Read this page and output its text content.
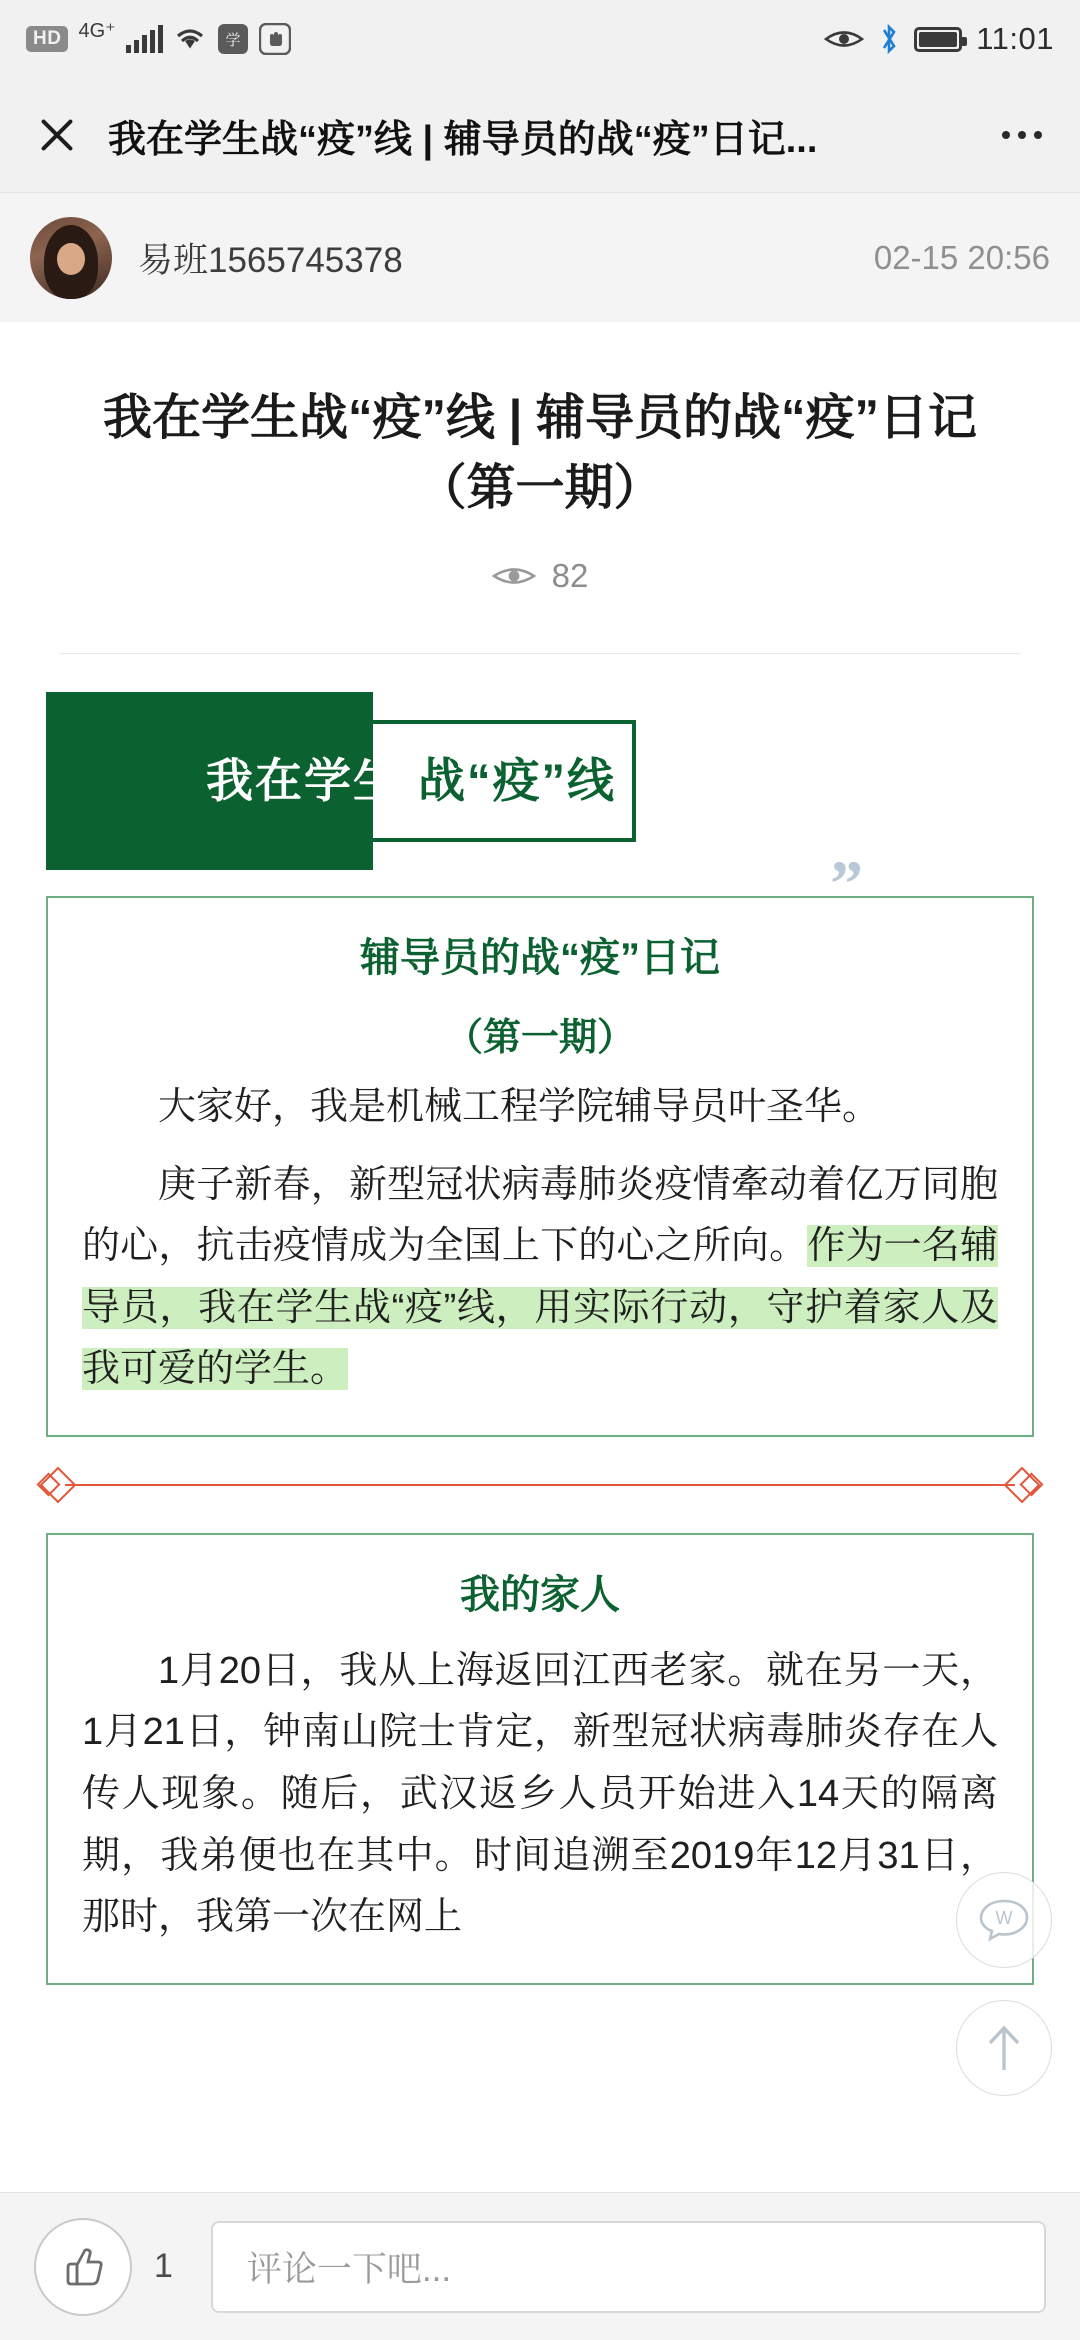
HD 4G⁺	学	11:01
我在学生战“疫”线 | 辅导员的战“疫”日记...
易班1565745378	02-15 20:56
”
我在学生战“疫”线 | 辅导员的战“疫”日记（第一期）
82
我在学生 战“疫”线
辅导员的战“疫”日记
（第一期）

大家好，我是机械工程学院辅导员叶圣华。

庚子新春，新型冠状病毒肺炎疫情牽动着亿万同胞的心，抗击疫情成为全国上下的心之所向。作为一名辅导员，我在学生战“疫”线，用实际行动，守护着家人及我可爱的学生。

我的家人

1月20日，我从上海返回江西老家。就在另一天，1月21日，钟南山院士肯定，新型冠状病毒肺炎存在人传人现象。随后，武汉返乡人员开始进入14天的隔离期，我弟便也在其中。时间追溯至2019年12月31日，那时，我第一次在网上	W
1 评论一下吧...
